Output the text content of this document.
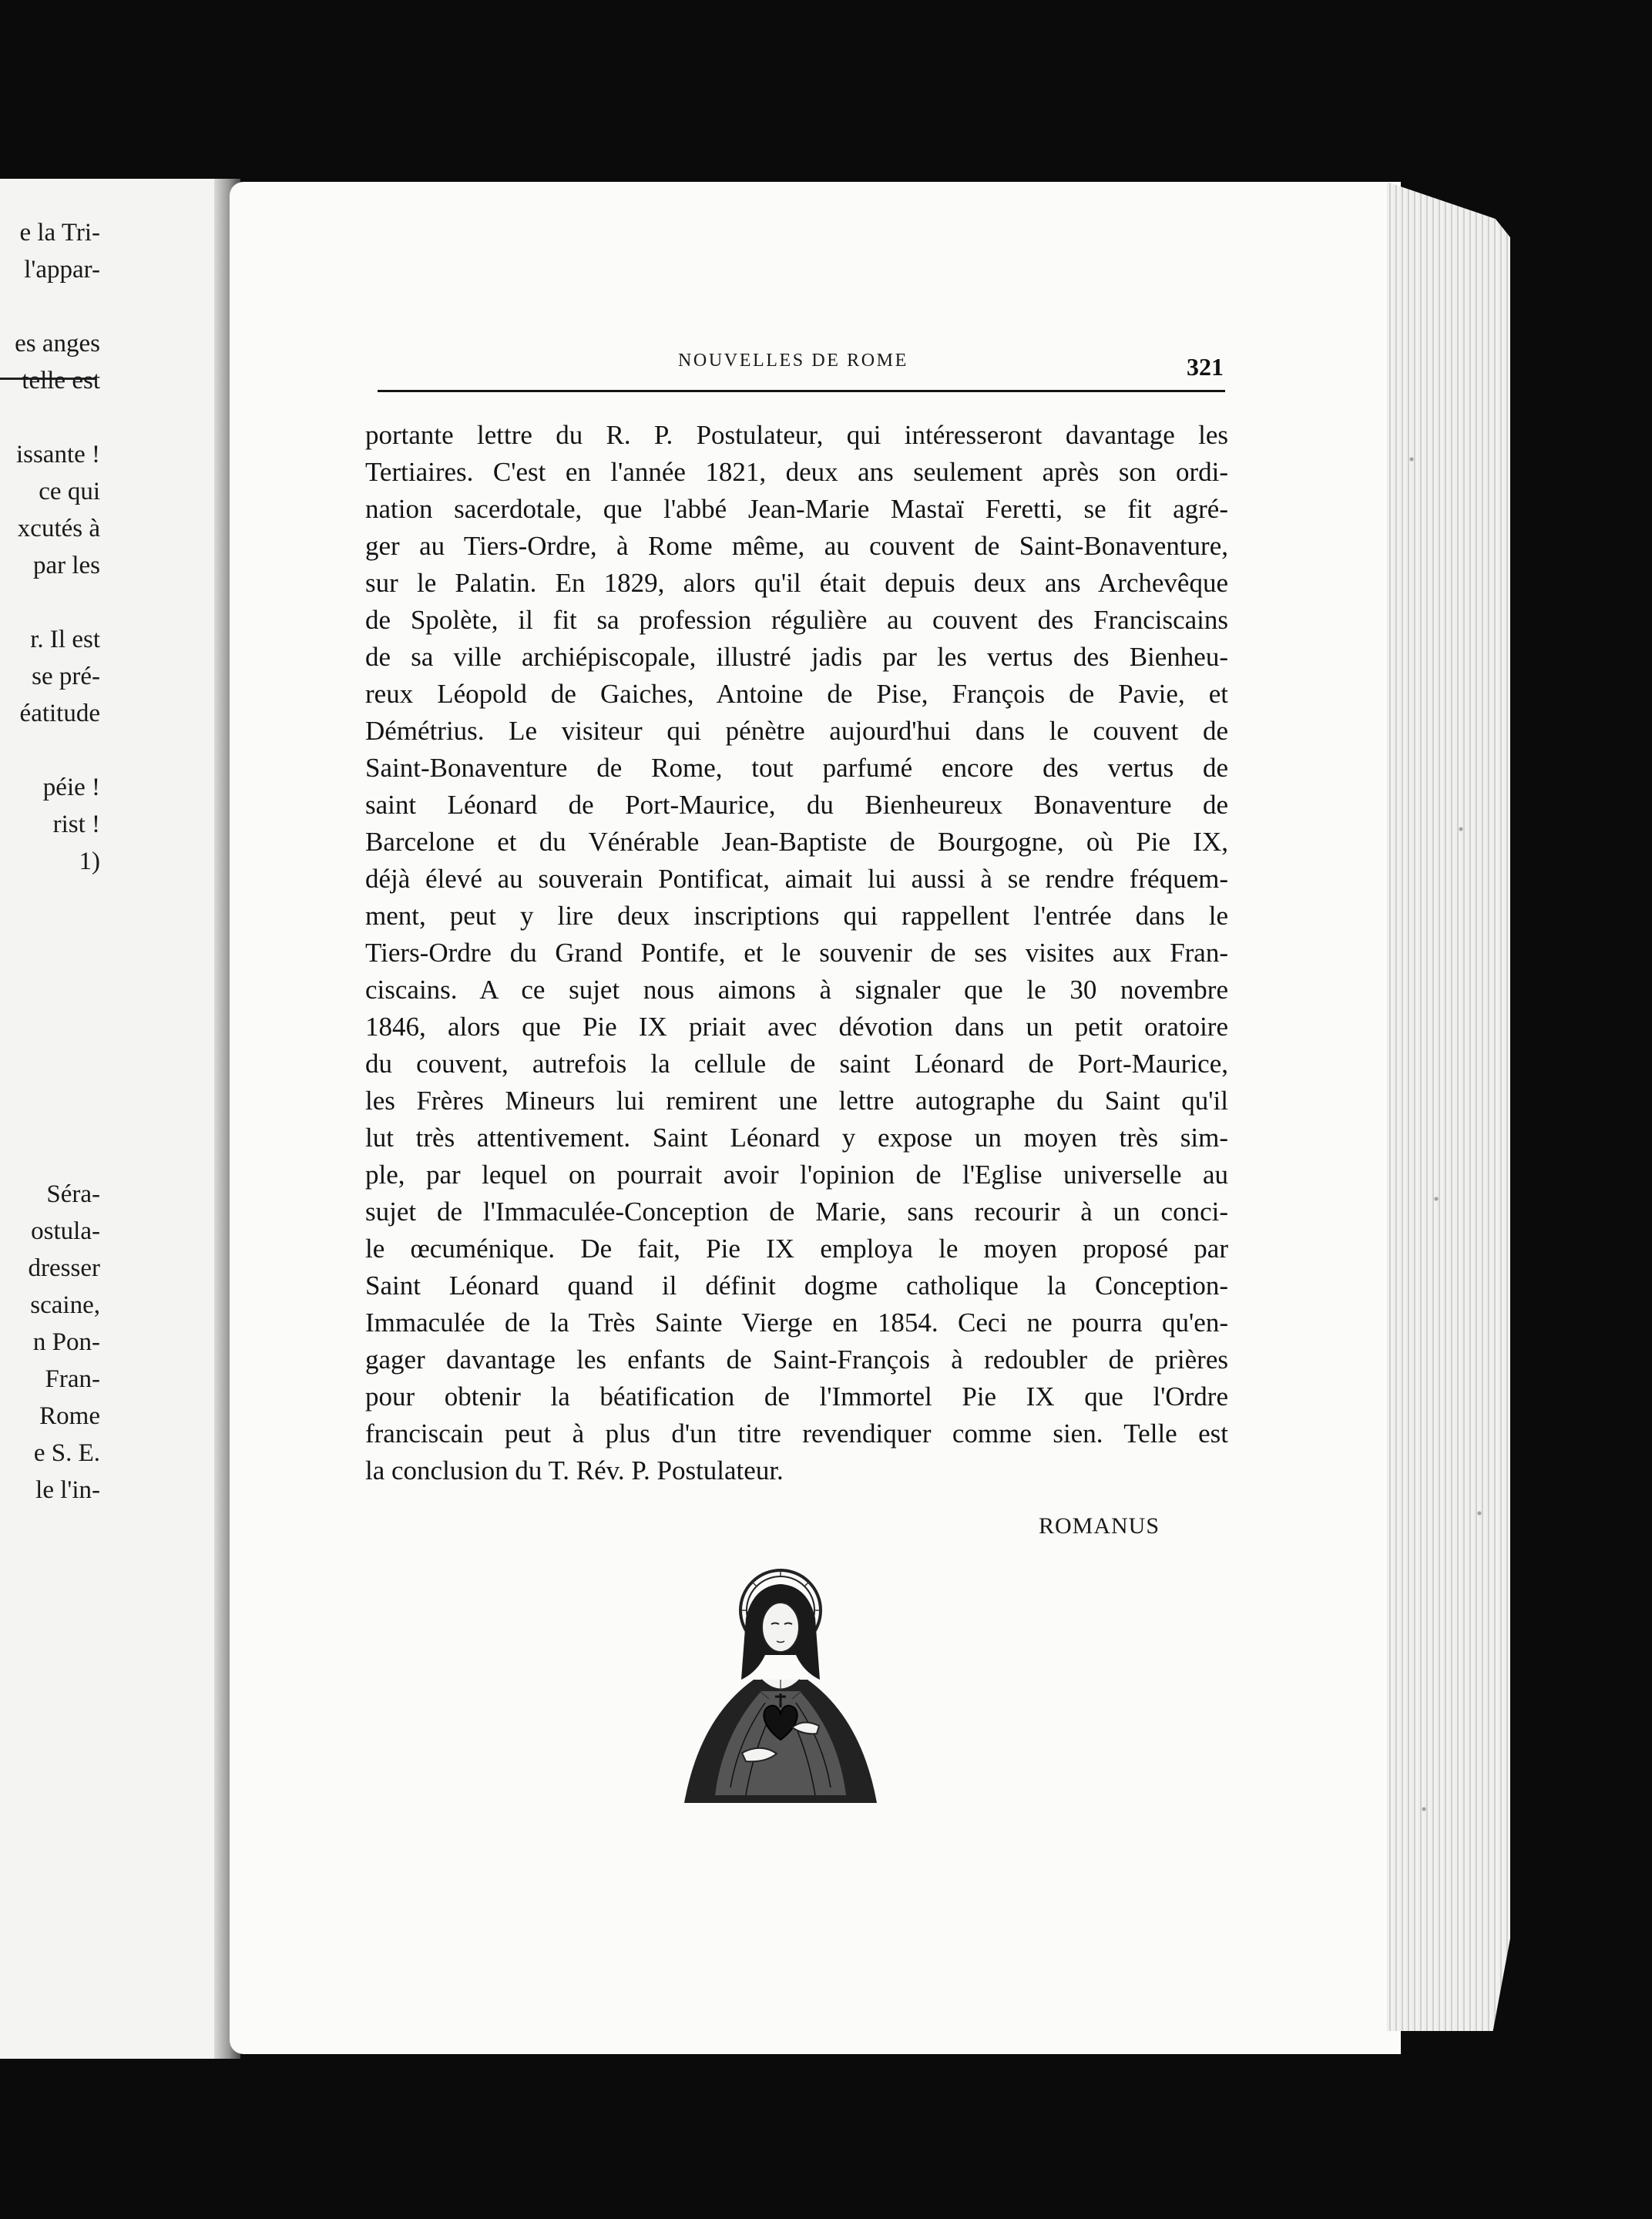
e la Tri-
l'appar-
es anges
telle est
issante !
ce qui
xcutés à
par les
r. Il est
se pré-
éatitude
péie !
rist !
1)
Séra-
ostula-
dresser
scaine,
n Pon-
Fran-
Rome
e S. E.
le l'in-
NOUVELLES DE ROME	321
portante lettre du R. P. Postulateur, qui intéresseront davantage les
Tertiaires. C'est en l'année 1821, deux ans seulement après son ordi-
nation sacerdotale, que l'abbé Jean-Marie Mastaï Feretti, se fit agré-
ger au Tiers-Ordre, à Rome même, au couvent de Saint-Bonaventure,
sur le Palatin. En 1829, alors qu'il était depuis deux ans Archevêque
de Spolète, il fit sa profession régulière au couvent des Franciscains
de sa ville archiépiscopale, illustré jadis par les vertus des Bienheu-
reux Léopold de Gaiches, Antoine de Pise, François de Pavie, et
Démétrius. Le visiteur qui pénètre aujourd'hui dans le couvent de
Saint-Bonaventure de Rome, tout parfumé encore des vertus de
saint Léonard de Port-Maurice, du Bienheureux Bonaventure de
Barcelone et du Vénérable Jean-Baptiste de Bourgogne, où Pie IX,
déjà élevé au souverain Pontificat, aimait lui aussi à se rendre fréquem-
ment, peut y lire deux inscriptions qui rappellent l'entrée dans le
Tiers-Ordre du Grand Pontife, et le souvenir de ses visites aux Fran-
ciscains. A ce sujet nous aimons à signaler que le 30 novembre
1846, alors que Pie IX priait avec dévotion dans un petit oratoire
du couvent, autrefois la cellule de saint Léonard de Port-Maurice,
les Frères Mineurs lui remirent une lettre autographe du Saint qu'il
lut très attentivement. Saint Léonard y expose un moyen très sim-
ple, par lequel on pourrait avoir l'opinion de l'Eglise universelle au
sujet de l'Immaculée-Conception de Marie, sans recourir à un conci-
le œcuménique. De fait, Pie IX employa le moyen proposé par
Saint Léonard quand il définit dogme catholique la Conception-
Immaculée de la Très Sainte Vierge en 1854. Ceci ne pourra qu'en-
gager davantage les enfants de Saint-François à redoubler de prières
pour obtenir la béatification de l'Immortel Pie IX que l'Ordre
franciscain peut à plus d'un titre revendiquer comme sien. Telle est
la conclusion du T. Rév. P. Postulateur.
ROMANUS
